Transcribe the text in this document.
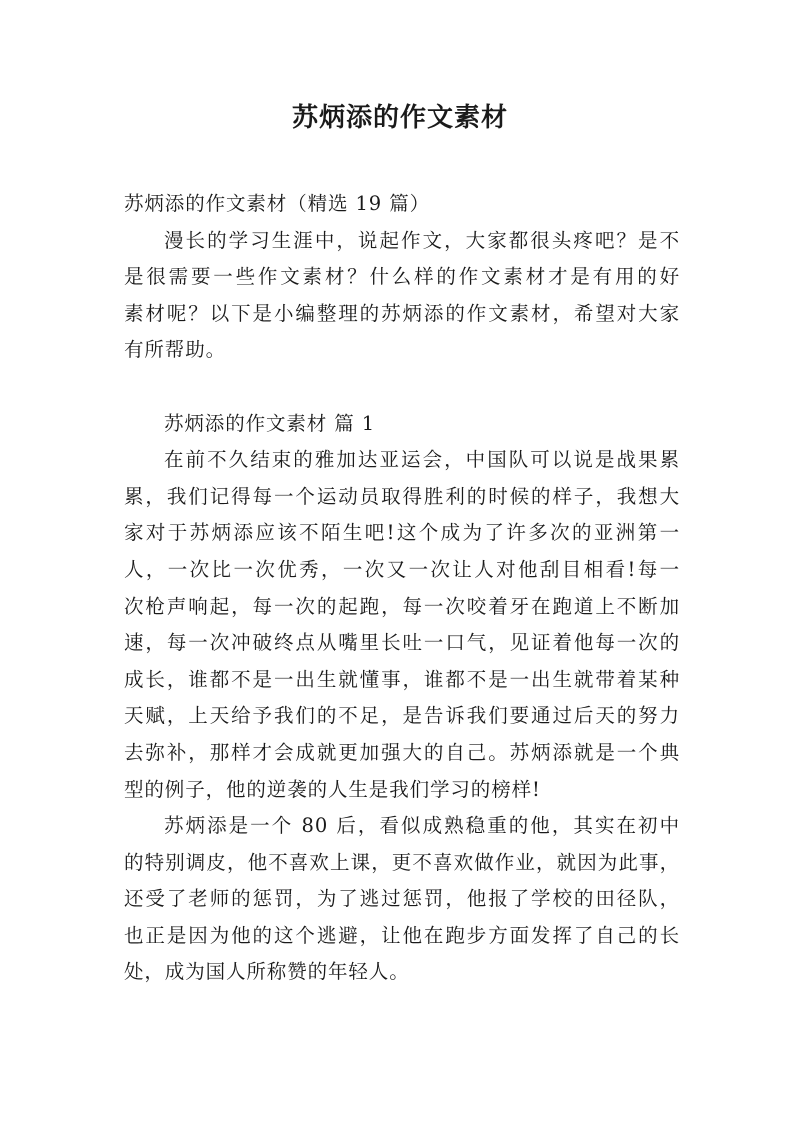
苏炳添的作文素材

苏炳添的作文素材（精选 19 篇）

漫长的学习生涯中，说起作文，大家都很头疼吧？是不

是很需要一些作文素材？什么样的作文素材才是有用的好

素材呢？以下是小编整理的苏炳添的作文素材，希望对大家

有所帮助。

苏炳添的作文素材 篇 1

在前不久结束的雅加达亚运会，中国队可以说是战果累

累，我们记得每一个运动员取得胜利的时候的样子，我想大

家对于苏炳添应该不陌生吧!这个成为了许多次的亚洲第一

人，一次比一次优秀，一次又一次让人对他刮目相看!每一

次枪声响起，每一次的起跑，每一次咬着牙在跑道上不断加

速，每一次冲破终点从嘴里长吐一口气，见证着他每一次的

成长，谁都不是一出生就懂事，谁都不是一出生就带着某种

天赋，上天给予我们的不足，是告诉我们要通过后天的努力

去弥补，那样才会成就更加强大的自己。苏炳添就是一个典

型的例子，他的逆袭的人生是我们学习的榜样!

苏炳添是一个 80 后，看似成熟稳重的他，其实在初中

的特别调皮，他不喜欢上课，更不喜欢做作业，就因为此事，

还受了老师的惩罚，为了逃过惩罚，他报了学校的田径队，

也正是因为他的这个逃避，让他在跑步方面发挥了自己的长

处，成为国人所称赞的年轻人。
